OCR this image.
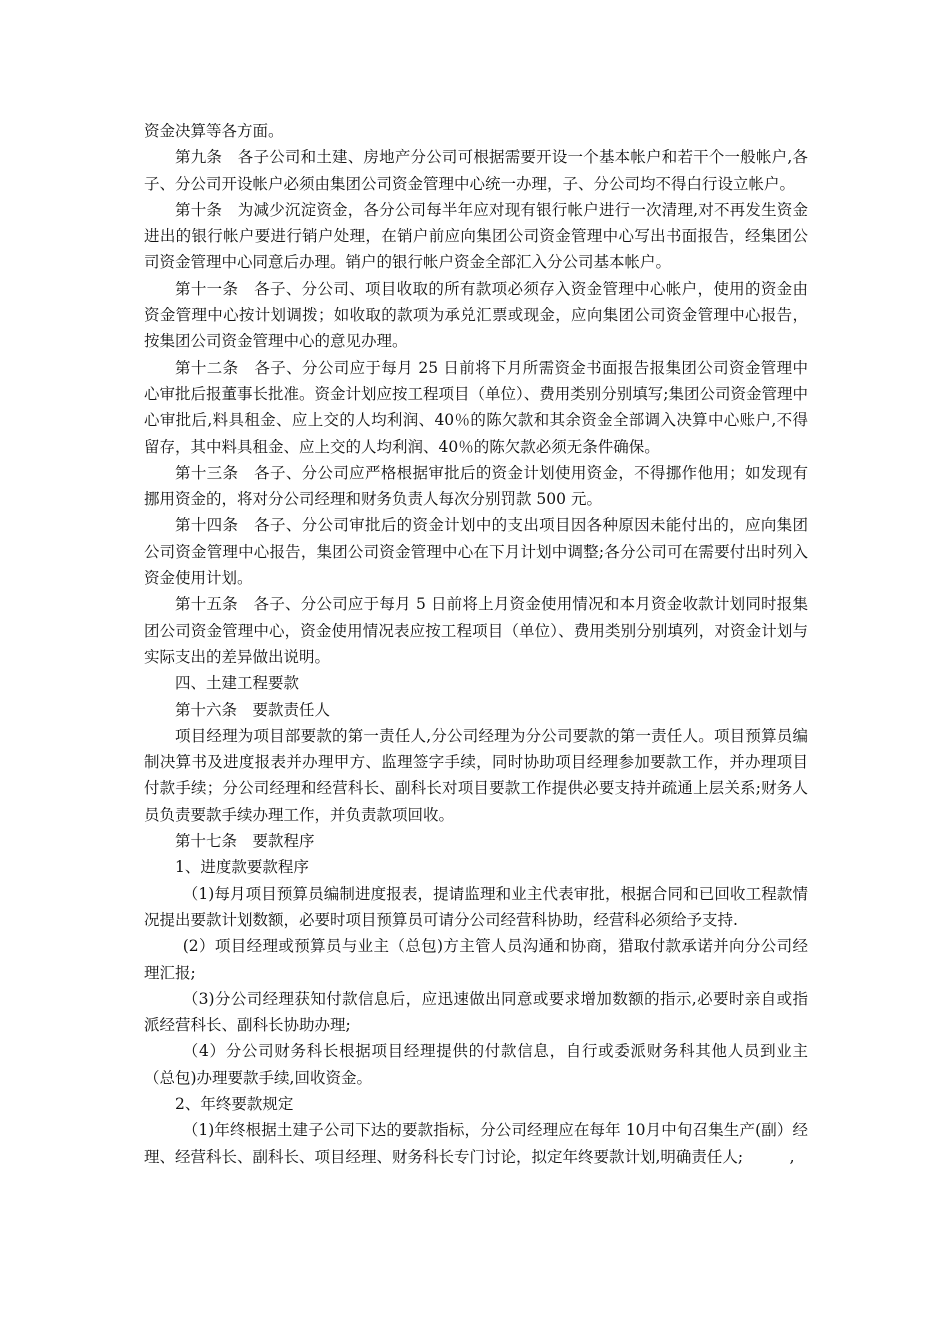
资金决算等各方面。

第九条 各子公司和土建、房地产分公司可根据需要开设一个基本帐户和若干个一般帐户,各子、分公司开设帐户必须由集团公司资金管理中心统一办理，子、分公司均不得白行设立帐户。

第十条 为减少沉淀资金，各分公司每半年应对现有银行帐户进行一次清理,对不再发生资金进出的银行帐户要进行销户处理，在销户前应向集团公司资金管理中心写出书面报告，经集团公司资金管理中心同意后办理。销户的银行帐户资金全部汇入分公司基本帐户。

第十一条 各子、分公司、项目收取的所有款项必须存入资金管理中心帐户，使用的资金由资金管理中心按计划调拨；如收取的款项为承兑汇票或现金，应向集团公司资金管理中心报告，按集团公司资金管理中心的意见办理。

第十二条 各子、分公司应于每月 25 日前将下月所需资金书面报告报集团公司资金管理中心审批后报董事长批准。资金计划应按工程项目（单位）、费用类别分别填写;集团公司资金管理中心审批后,料具租金、应上交的人均利润、40％的陈欠款和其余资金全部调入决算中心账户,不得留存，其中料具租金、应上交的人均利润、40％的陈欠款必须无条件确保。

第十三条 各子、分公司应严格根据审批后的资金计划使用资金，不得挪作他用；如发现有挪用资金的，将对分公司经理和财务负责人每次分别罚款 500 元。

第十四条 各子、分公司审批后的资金计划中的支出项目因各种原因未能付出的，应向集团公司资金管理中心报告，集团公司资金管理中心在下月计划中调整;各分公司可在需要付出时列入资金使用计划。

第十五条 各子、分公司应于每月 5 日前将上月资金使用情况和本月资金收款计划同时报集团公司资金管理中心，资金使用情况表应按工程项目（单位）、费用类别分别填列，对资金计划与实际支出的差异做出说明。

四、土建工程要款

第十六条 要款责任人

项目经理为项目部要款的第一责任人,分公司经理为分公司要款的第一责任人。项目预算员编制决算书及进度报表并办理甲方、监理签字手续，同时协助项目经理参加要款工作，并办理项目付款手续；分公司经理和经营科长、副科长对项目要款工作提供必要支持并疏通上层关系;财务人员负责要款手续办理工作，并负责款项回收。

第十七条 要款程序

1、进度款要款程序

（1)每月项目预算员编制进度报表，提请监理和业主代表审批，根据合同和已回收工程款情况提出要款计划数额，必要时项目预算员可请分公司经营科协助，经营科必须给予支持.

(2）项目经理或预算员与业主（总包)方主管人员沟通和协商，猎取付款承诺并向分公司经理汇报;

（3)分公司经理获知付款信息后，应迅速做出同意或要求增加数额的指示,必要时亲自或指派经营科长、副科长协助办理;

（4）分公司财务科长根据项目经理提供的付款信息，自行或委派财务科其他人员到业主（总包)办理要款手续,回收资金。

2、年终要款规定

（1)年终根据土建子公司下达的要款指标，分公司经理应在每年 10月中旬召集生产(副）经理、经营科长、副科长、项目经理、财务科长专门讨论，拟定年终要款计划,明确责任人;　　　,
